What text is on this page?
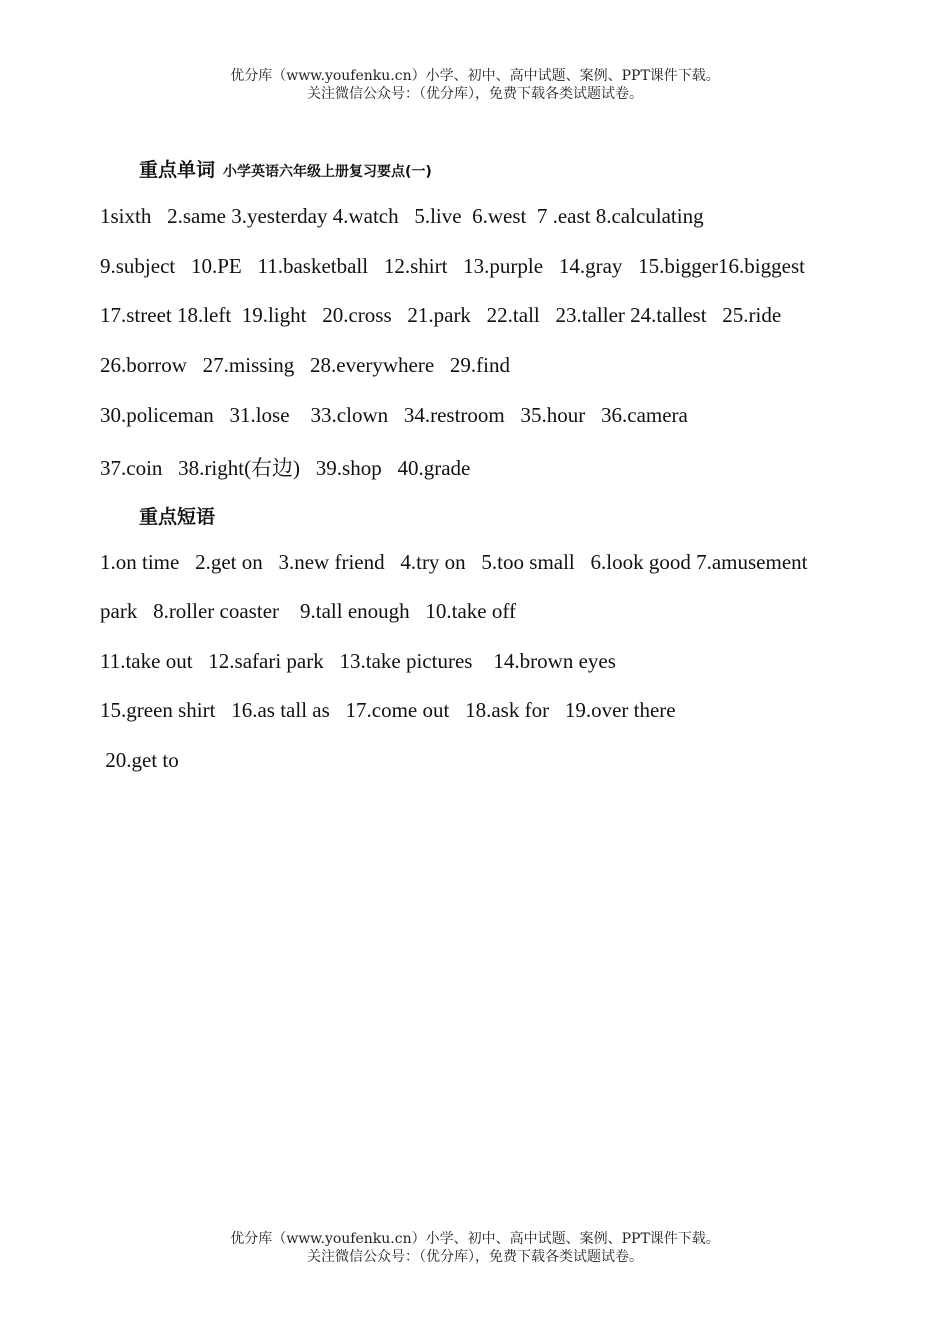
优分库（www.youfenku.cn）小学、初中、高中试题、案例、PPT课件下载。
关注微信公众号：（优分库），免费下载各类试题试卷。
重点单词 小学英语六年级上册复习要点(一)
1sixth   2.same 3.yesterday 4.watch   5.live  6.west  7 .east 8.calculating
9.subject   10.PE   11.basketball   12.shirt   13.purple   14.gray   15.bigger16.biggest
17.street 18.left  19.light   20.cross   21.park   22.tall   23.taller 24.tallest   25.ride
26.borrow   27.missing   28.everywhere   29.find
30.policeman   31.lose    33.clown   34.restroom   35.hour   36.camera
37.coin   38.right(右边)   39.shop   40.grade
重点短语
1.on time   2.get on   3.new friend   4.try on   5.too small   6.look good 7.amusement
park   8.roller coaster    9.tall enough   10.take off
11.take out   12.safari park   13.take pictures    14.brown eyes
15.green shirt   16.as tall as   17.come out   18.ask for   19.over there
20.get to
优分库（www.youfenku.cn）小学、初中、高中试题、案例、PPT课件下载。
关注微信公众号：（优分库），免费下载各类试题试卷。
